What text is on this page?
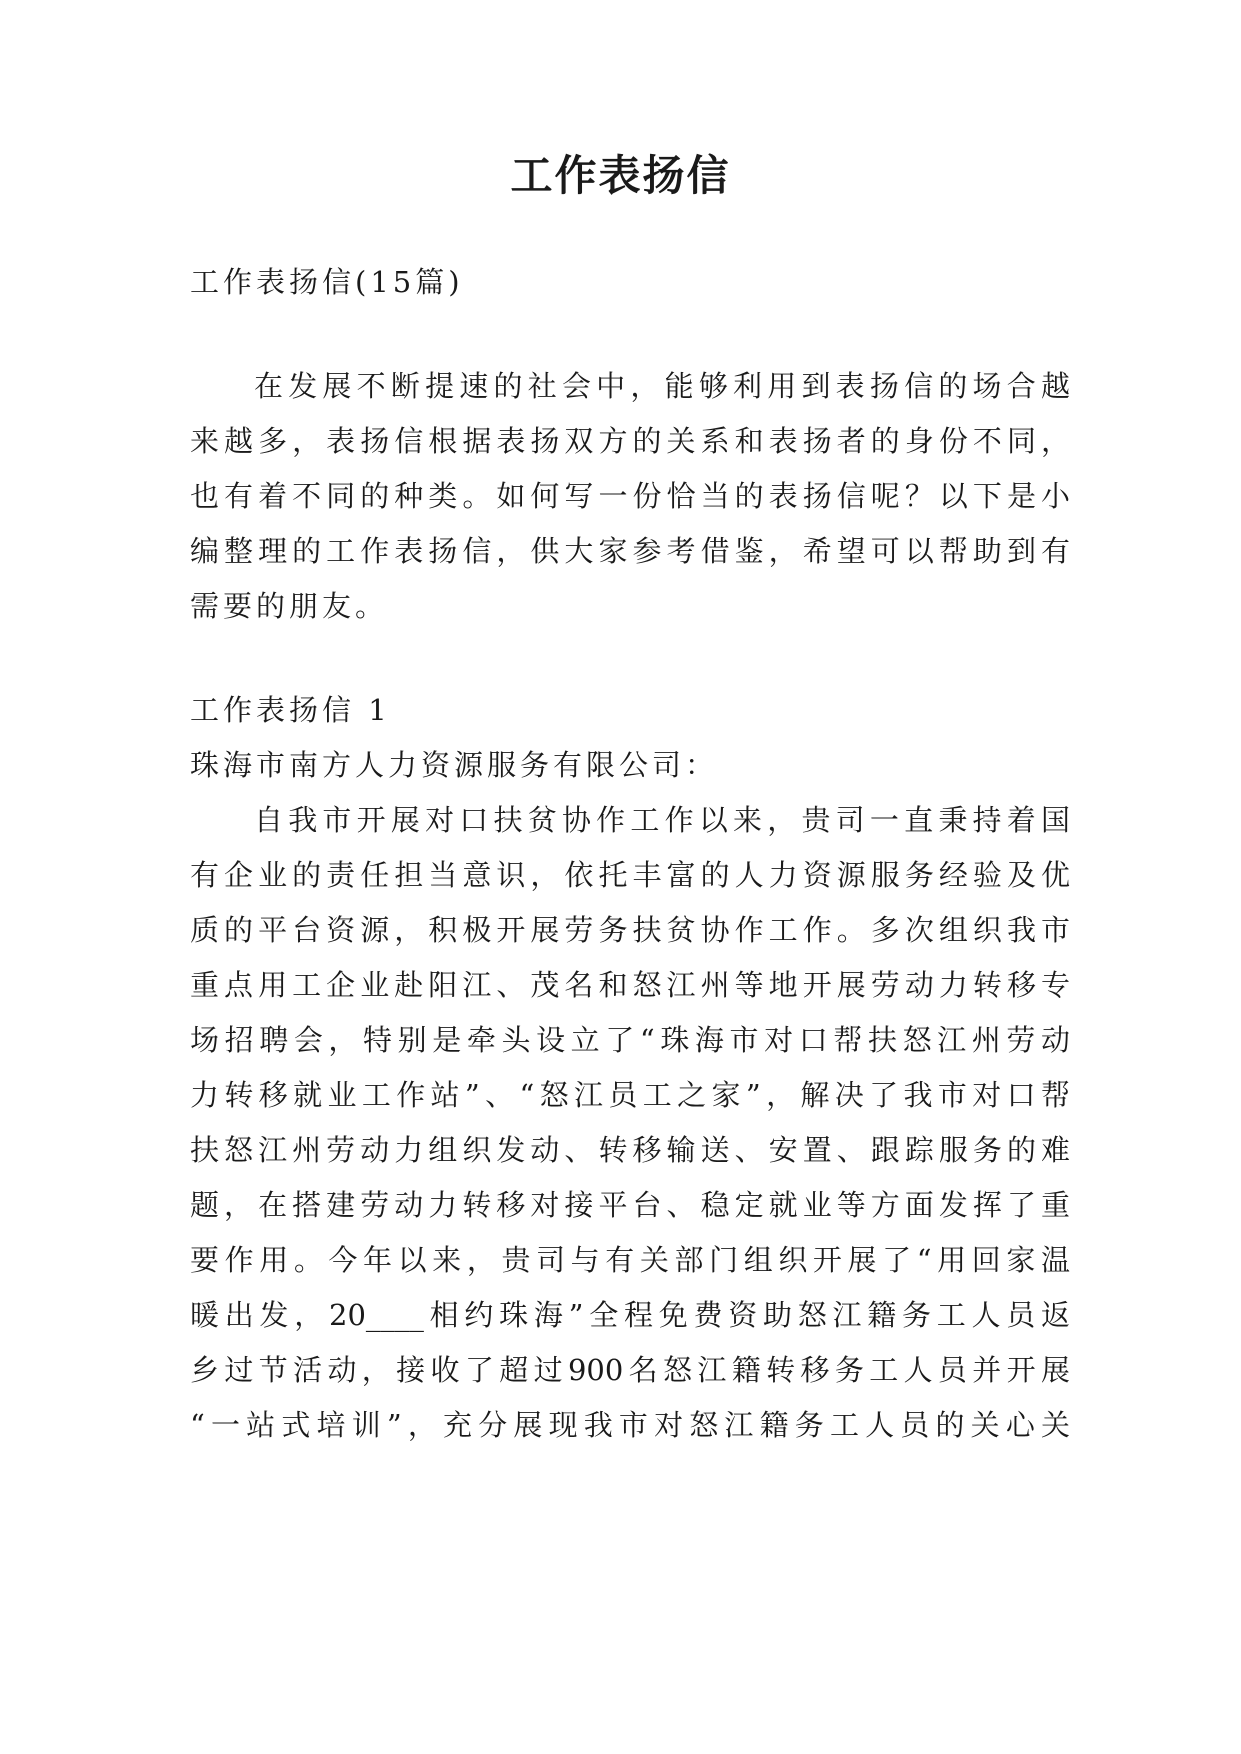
工作表扬信
工作表扬信(15篇)
在发展不断提速的社会中，能够利用到表扬信的场合越
来越多，表扬信根据表扬双方的关系和表扬者的身份不同，
也有着不同的种类。如何写一份恰当的表扬信呢？以下是小
编整理的工作表扬信，供大家参考借鉴，希望可以帮助到有
需要的朋友。
工作表扬信 1
珠海市南方人力资源服务有限公司：
自我市开展对口扶贫协作工作以来，贵司一直秉持着国
有企业的责任担当意识，依托丰富的人力资源服务经验及优
质的平台资源，积极开展劳务扶贫协作工作。多次组织我市
重点用工企业赴阳江、茂名和怒江州等地开展劳动力转移专
场招聘会，特别是牵头设立了“珠海市对口帮扶怒江州劳动
力转移就业工作站”、“怒江员工之家”，解决了我市对口帮
扶怒江州劳动力组织发动、转移输送、安置、跟踪服务的难
题，在搭建劳动力转移对接平台、稳定就业等方面发挥了重
要作用。今年以来，贵司与有关部门组织开展了“用回家温
暖出发，20____相约珠海”全程免费资助怒江籍务工人员返
乡过节活动，接收了超过900名怒江籍转移务工人员并开展
“一站式培训”，充分展现我市对怒江籍务工人员的关心关
